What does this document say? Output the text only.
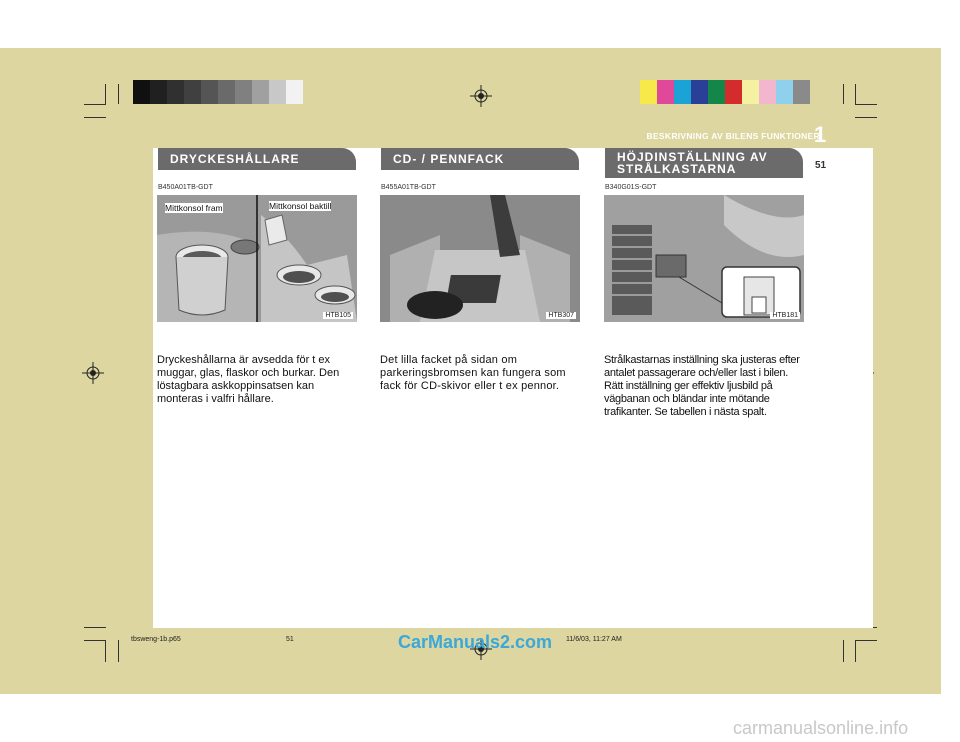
BESKRIVNING AV BILENS FUNKTIONER
1
51
DRYCKESHÅLLARE
B450A01TB-GDT
Mittkonsol fram	Mittkonsol baktill
HTB105
Dryckeshållarna är avsedda för t ex muggar, glas, flaskor och burkar. Den löstagbara askkoppinsatsen kan monteras i valfri hållare.
CD- / PENNFACK
B455A01TB-GDT
HTB307
Det lilla facket på sidan om parkeringsbromsen kan fungera som fack för CD-skivor eller t ex pennor.
HÖJDINSTÄLLNING AV
STRÅLKASTARNA
B340G01S-GDT
HTB181
Strålkastarnas inställning ska justeras efter antalet passagerare och/eller last i bilen. Rätt inställning ger effektiv ljusbild på vägbanan och bländar inte mötande trafikanter. Se tabellen i nästa spalt.
tbsweng-1b.p65	51	11/6/03, 11:27 AM
CarManuals2.com
carmanualsonline.info
